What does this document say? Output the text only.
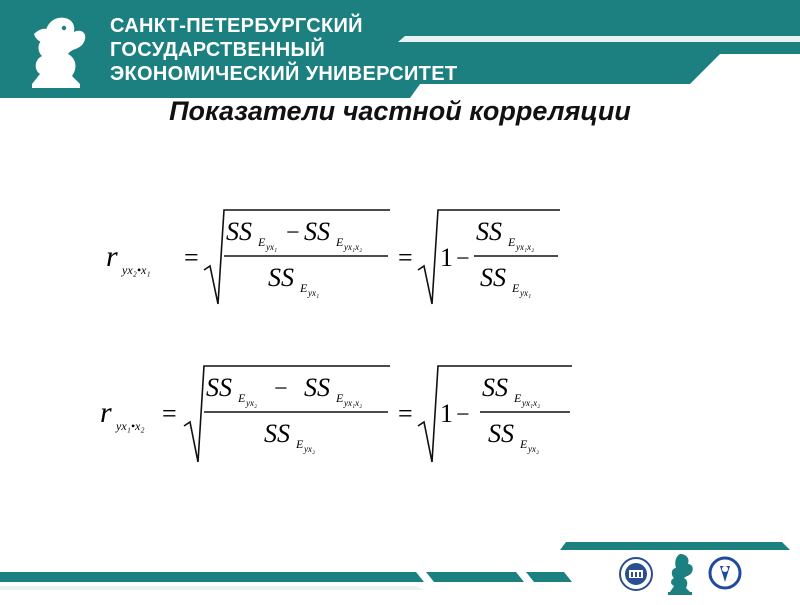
САНКТ-ПЕТЕРБУРГСКИЙ
ГОСУДАРСТВЕННЫЙ
ЭКОНОМИЧЕСКИЙ УНИВЕРСИТЕТ
Показатели частной корреляции
r yx₂•x₁ =
SS E yx₁
− SS E yx₁x₂
SS E yx₁
= 1 −
SS E yx₁x₂
SS E yx₁
r yx₁•x₂ =
SS E yx₂
− SS E yx₁x₂
SS E yx₂
= 1 −
SS E yx₁x₂
SS E yx₂
